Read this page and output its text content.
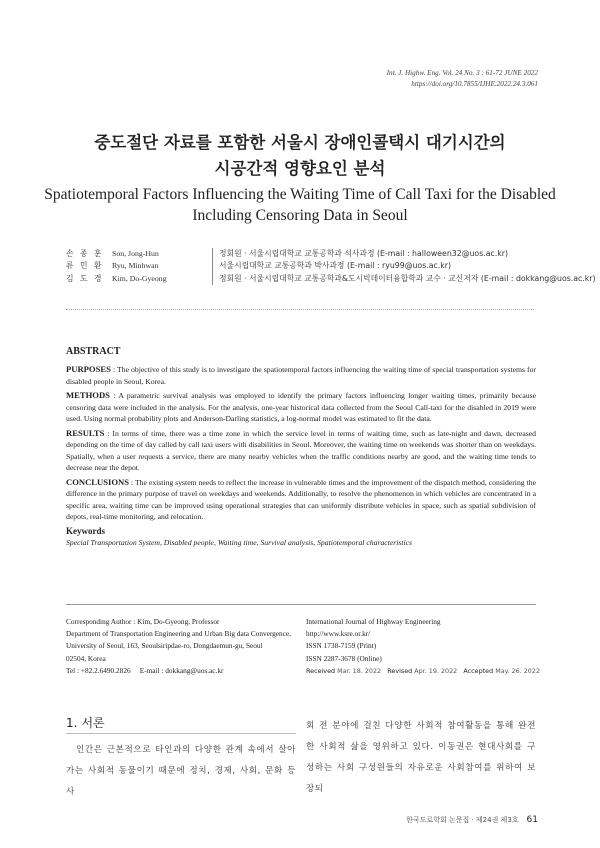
Int. J. Highw. Eng. Vol. 24 No. 3 : 61-72 JUNE 2022
https://doi.org/10.7855/IJHE.2022.24.3.061
중도절단 자료를 포함한 서울시 장애인콜택시 대기시간의
시공간적 영향요인 분석
Spatiotemporal Factors Influencing the Waiting Time of Call Taxi for the Disabled
Including Censoring Data in Seoul
손 종 훈	Son, Jong-Hun	정회원 · 서울시립대학교 교통공학과 석사과정 (E-mail : halloween32@uos.ac.kr)
류 민 환	Ryu, Minhwan	서울시립대학교 교통공학과 박사과정 (E-mail : ryu99@uos.ac.kr)
김 도 경	Kim, Do-Gyeong	정회원 · 서울시립대학교 교통공학과&도시빅데이터융합학과 교수 · 교신저자 (E-mail : dokkang@uos.ac.kr)
ABSTRACT

PURPOSES : The objective of this study is to investigate the spatiotemporal factors influencing the waiting time of special transportation systems for disabled people in Seoul, Korea.

METHODS : A parametric survival analysis was employed to identify the primary factors influencing longer waiting times, primarily because censoring data were included in the analysis. For the analysis, one-year historical data collected from the Seoul Call-taxi for the disabled in 2019 were used. Using normal probability plots and Anderson-Darling statistics, a log-normal model was estimated to fit the data.

RESULTS : In terms of time, there was a time zone in which the service level in terms of waiting time, such as late-night and dawn, decreased depending on the time of day called by call taxi users with disabilities in Seoul. Moreover, the waiting time on weekends was shorter than on weekdays. Spatially, when a user requests a service, there are many nearby vehicles when the traffic conditions nearby are good, and the waiting time tends to decrease near the depot.

CONCLUSIONS : The existing system needs to reflect the increase in vulnerable times and the improvement of the dispatch method, considering the difference in the primary purpose of travel on weekdays and weekends. Additionally, to resolve the phenomenon in which vehicles are concentrated in a specific area, waiting time can be improved using operational strategies that can uniformly distribute vehicles in space, such as spatial subdivision of depots, real-time monitoring, and relocation.

Keywords
Special Transportation System, Disabled people, Waiting time, Survival analysis, Spatiotemporal characteristics
Corresponding Author : Kim, Do-Gyeong, Professor
Department of Transportation Engineering and Urban Big data Convergence,
University of Seoul, 163, Seoulsiripdae-ro, Dongdaemun-gu, Seoul
02504, Korea
Tel : +82.2.6490.2826     E-mail : dokkang@uos.ac.kr
International Journal of Highway Engineering
http://www.ksre.or.kr/
ISSN 1738-7159 (Print)
ISSN 2287-3678 (Online)
Received Mar. 18. 2022 Revised Apr. 19. 2022 Accepted May. 26. 2022
1. 서론
인간은 근본적으로 타인과의 다양한 관계 속에서 살아가는 사회적 동물이기 때문에 정치, 경제, 사회, 문화 등 사
회 전 분야에 걸친 다양한 사회적 참여활동을 통해 완전한 사회적 삶을 영위하고 있다. 이동권은 현대사회를 구성하는 사회 구성원들의 자유로운 사회참여를 위하여 보장되
한국도로학회 논문집 · 제24권 제3호 61
